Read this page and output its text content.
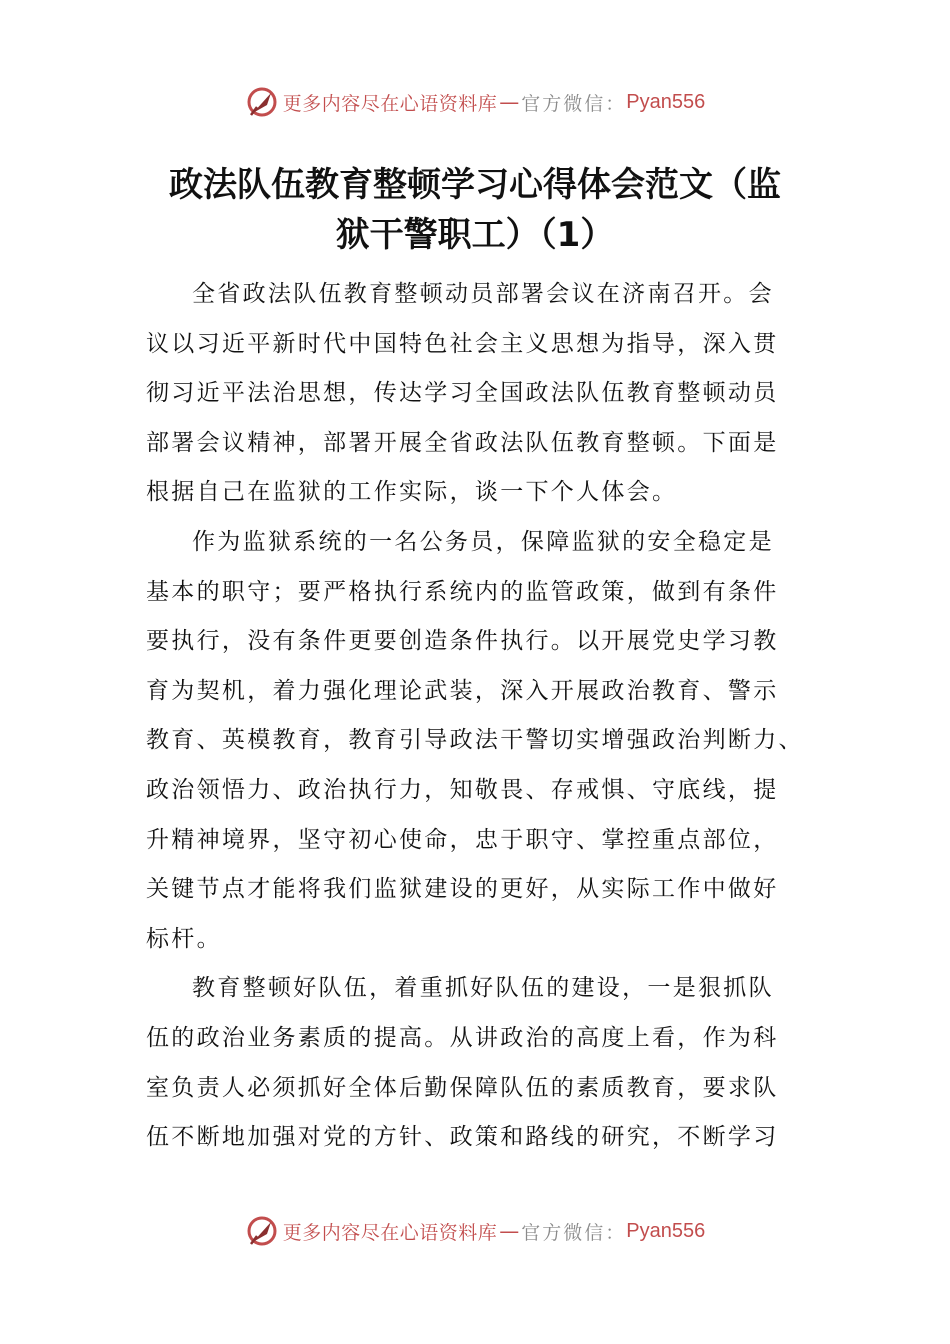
更多内容尽在心语资料库 — 官方微信： Pyan556
政法队伍教育整顿学习心得体会范文（监
狱干警职工）（1）

全省政法队伍教育整顿动员部署会议在济南召开。会
议以习近平新时代中国特色社会主义思想为指导，深入贯
彻习近平法治思想，传达学习全国政法队伍教育整顿动员
部署会议精神，部署开展全省政法队伍教育整顿。下面是
根据自己在监狱的工作实际，谈一下个人体会。

作为监狱系统的一名公务员，保障监狱的安全稳定是
基本的职守；要严格执行系统内的监管政策，做到有条件
要执行，没有条件更要创造条件执行。以开展党史学习教
育为契机，着力强化理论武装，深入开展政治教育、警示
教育、英模教育，教育引导政法干警切实增强政治判断力、
政治领悟力、政治执行力，知敬畏、存戒惧、守底线，提
升精神境界，坚守初心使命，忠于职守、掌控重点部位，
关键节点才能将我们监狱建设的更好，从实际工作中做好
标杆。

教育整顿好队伍，着重抓好队伍的建设，一是狠抓队
伍的政治业务素质的提高。从讲政治的高度上看，作为科
室负责人必须抓好全体后勤保障队伍的素质教育，要求队
伍不断地加强对党的方针、政策和路线的研究，不断学习

更多内容尽在心语资料库 — 官方微信： Pyan556
